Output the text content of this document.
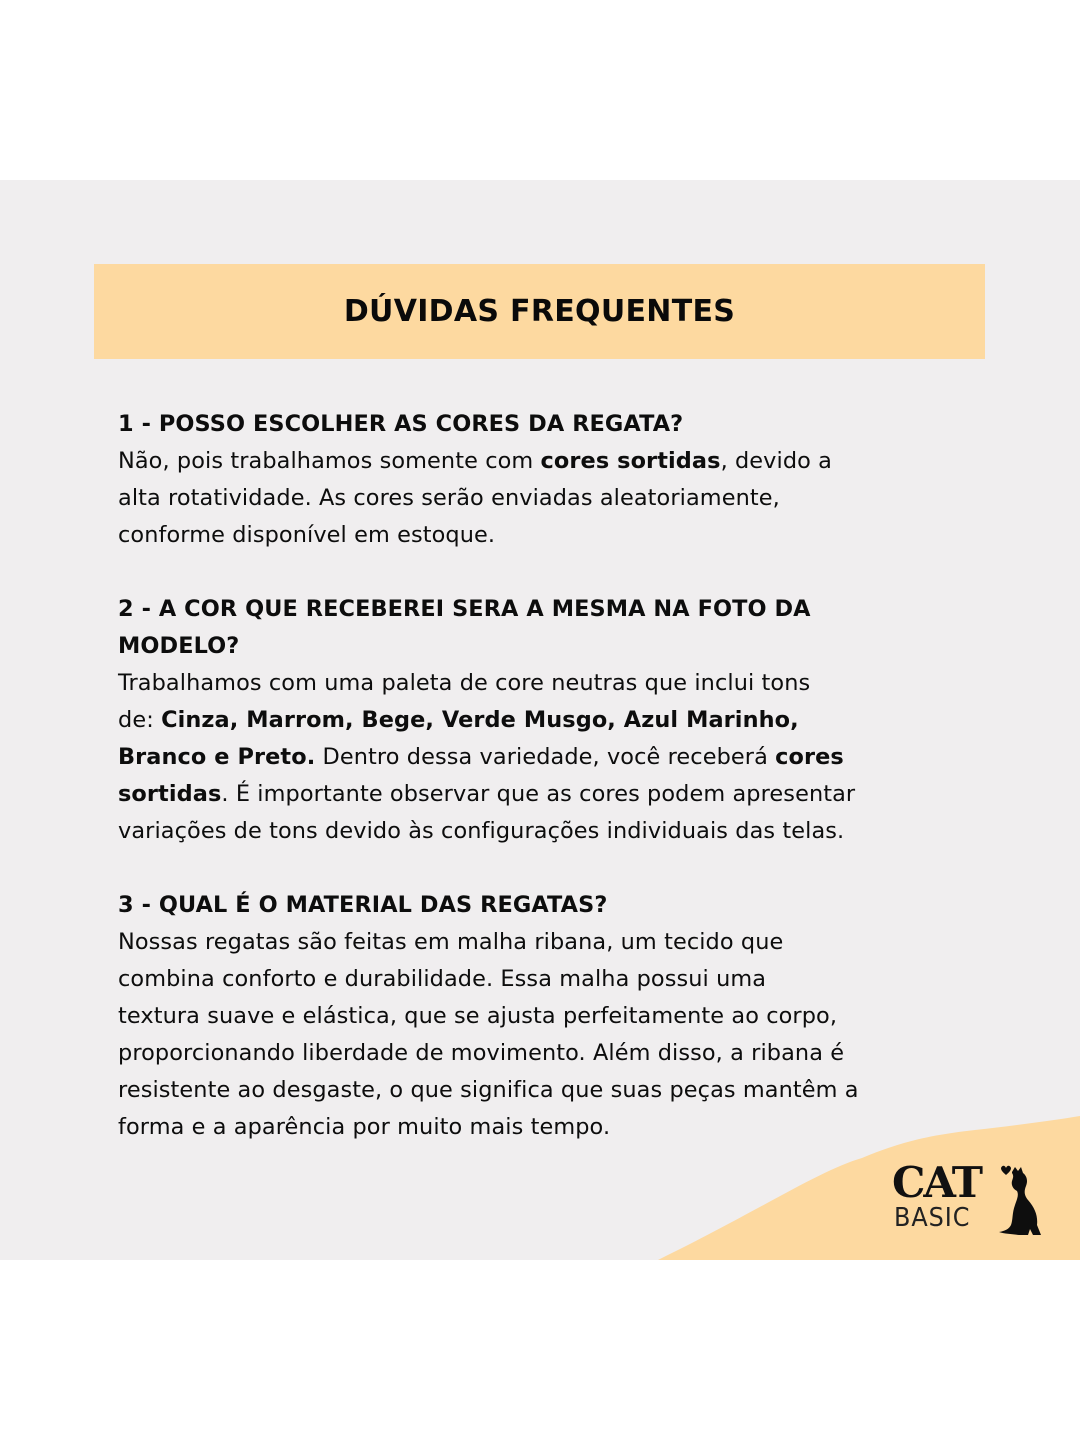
DÚVIDAS FREQUENTES
1 - POSSO ESCOLHER AS CORES DA REGATA?
Não, pois trabalhamos somente com cores sortidas, devido a
alta rotatividade. As cores serão enviadas aleatoriamente,
conforme disponível em estoque.
2 - A COR QUE RECEBEREI SERA A MESMA NA FOTO DA
MODELO?
Trabalhamos com uma paleta de core neutras que inclui tons
de: Cinza, Marrom, Bege, Verde Musgo, Azul Marinho,
Branco e Preto. Dentro dessa variedade, você receberá cores
sortidas. É importante observar que as cores podem apresentar
variações de tons devido às configurações individuais das telas.
3 - QUAL É O MATERIAL DAS REGATAS?
Nossas regatas são feitas em malha ribana, um tecido que
combina conforto e durabilidade. Essa malha possui uma
textura suave e elástica, que se ajusta perfeitamente ao corpo,
proporcionando liberdade de movimento. Além disso, a ribana é
resistente ao desgaste, o que significa que suas peças mantêm a
forma e a aparência por muito mais tempo.
CAT
BASIC
